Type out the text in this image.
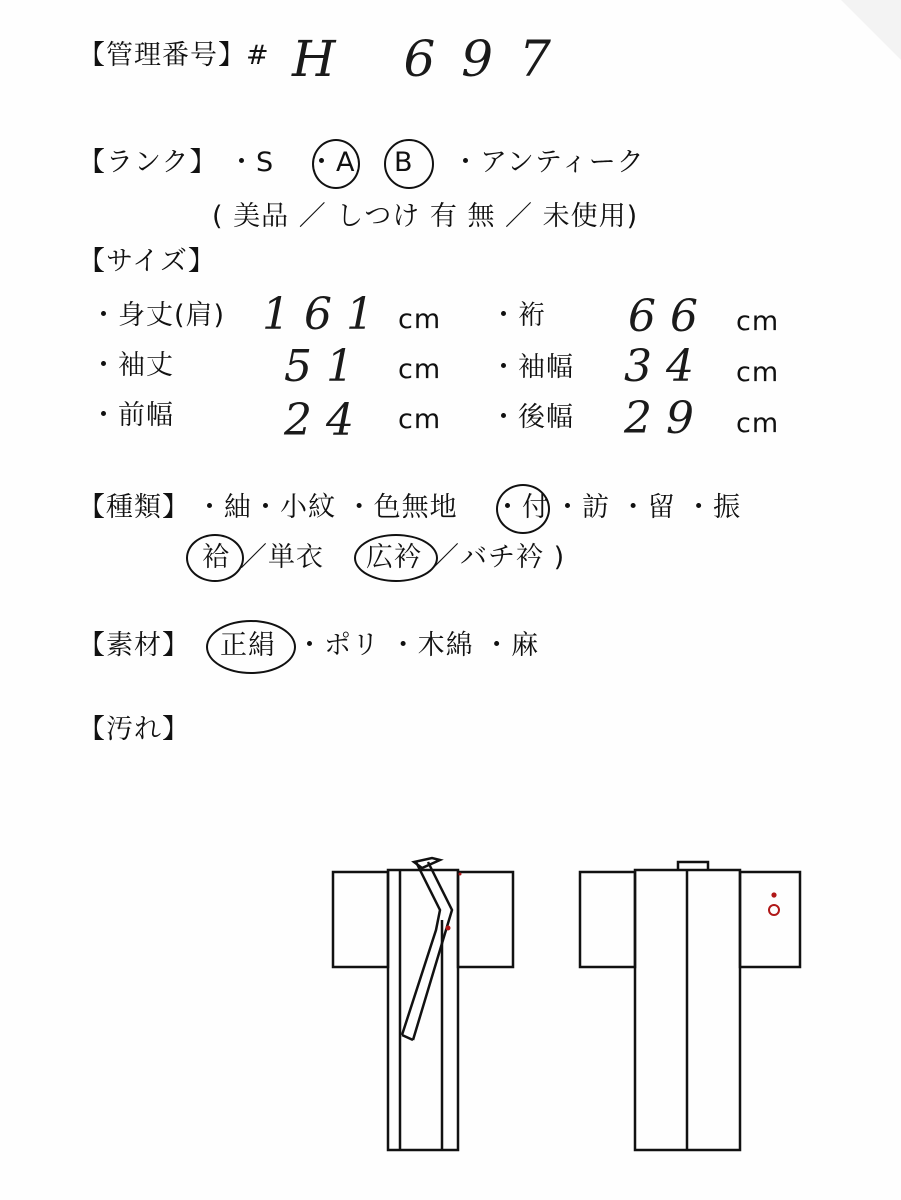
【管理番号】# H 697
【ランク】 ・S ・A B ・アンティーク
( 美品 ／ しつけ 有 無 ／ 未使用)
【サイズ】
・身丈(肩) 161 cm ・裄 66 cm
・袖丈	51 cm ・袖幅 34 cm
・前幅	24 cm ・後幅 29 cm
【種類】 ・紬・小紋 ・色無地 ・付 ・訪 ・留 ・振
袷 ／単衣 広衿 ／バチ衿 )
【素材】 正絹 ・ポリ ・木綿 ・麻
【汚れ】
